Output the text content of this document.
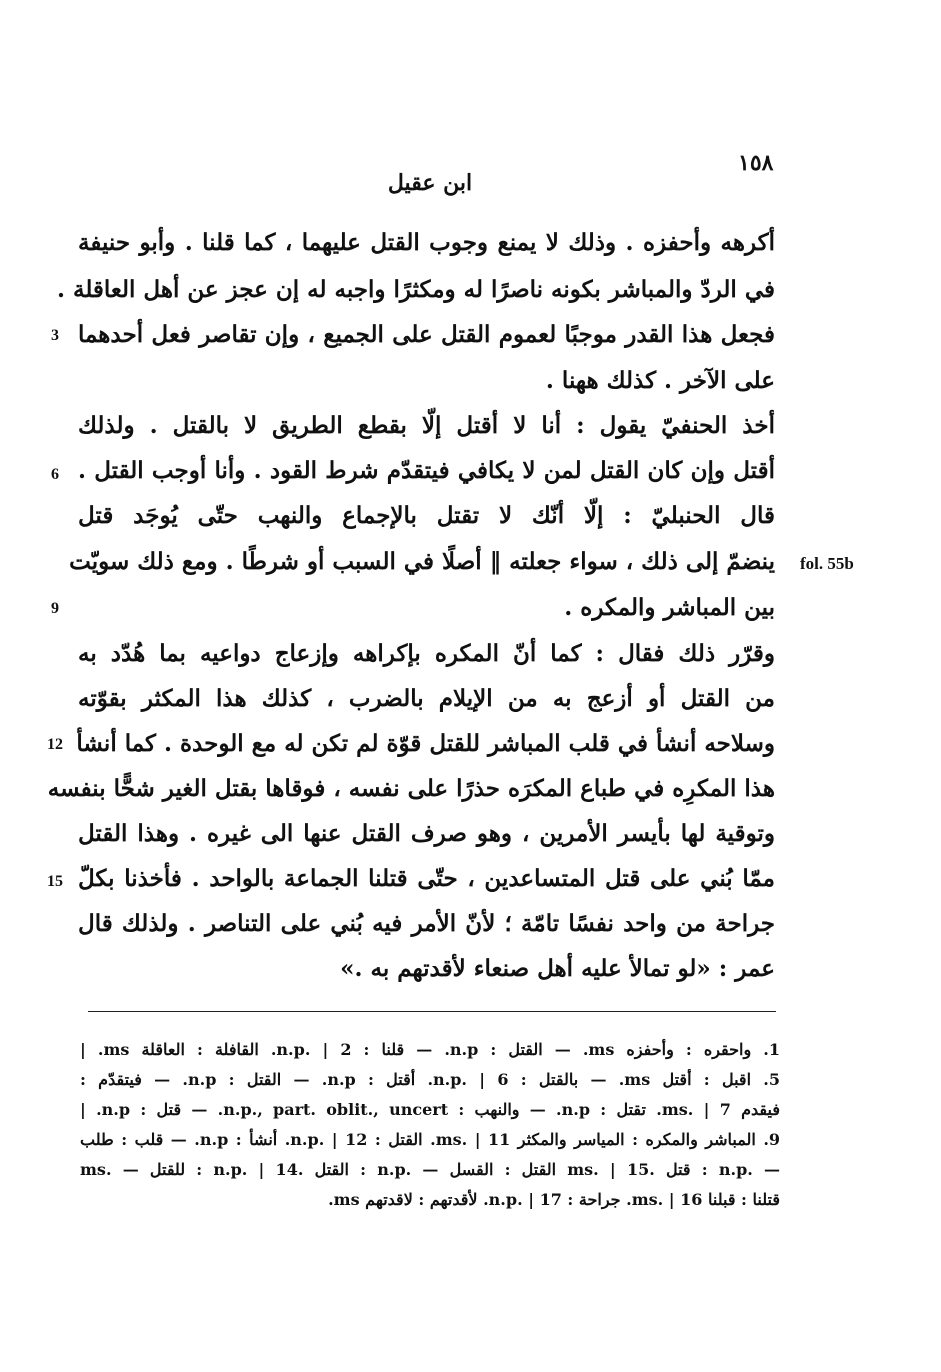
١٥٨
ابن عقيل
أكرهه وأحفزه . وذلك لا يمنع وجوب القتل عليهما ، كما قلنا . وأبو حنيفة
في الردّ والمباشر بكونه ناصرًا له ومكثرًا واجبه له إن عجز عن أهل العاقلة .
فجعل هذا القدر موجبًا لعموم القتل على الجميع ، وإن تقاصر فعل أحدهما
على الآخر . كذلك ههنا .
أخذ الحنفيّ يقول : أنا لا أقتل إلّا بقطع الطريق لا بالقتل . ولذلك
أقتل وإن كان القتل لمن لا يكافي فيتقدّم شرط القود . وأنا أوجب القتل .
قال الحنبليّ : إلّا أنّك لا تقتل بالإجماع والنهب حتّى يُوجَد قتل
ينضمّ إلى ذلك ، سواء جعلته ‖ أصلًا في السبب أو شرطًا . ومع ذلك سويّت
بين المباشر والمكره .
وقرّر ذلك فقال : كما أنّ المكره بإكراهه وإزعاج دواعيه بما هُدّد به
من القتل أو أزعج به من الإيلام بالضرب ، كذلك هذا المكثر بقوّته
وسلاحه أنشأ في قلب المباشر للقتل قوّة لم تكن له مع الوحدة . كما أنشأ
هذا المكرِه في طباع المكرَه حذرًا على نفسه ، فوقاها بقتل الغير شحًّا بنفسه
وتوقية لها بأيسر الأمرين ، وهو صرف القتل عنها الى غيره . وهذا القتل
ممّا بُني على قتل المتساعدين ، حتّى قتلنا الجماعة بالواحد . فأخذنا بكلّ
جراحة من واحد نفسًا تامّة ؛ لأنّ الأمر فيه بُني على التناصر . ولذلك قال
عمر : «لو تمالأ عليه أهل صنعاء لأقدتهم به .»
3
6
9
12
15
fol. 55b
1. واحقره : وأحفزه ms. — القتل : n.p. — قلنا : n.p. | 2. القافلة : العاقلة ms. |
5. اقبل : أقتل ms. — بالقتل : n.p. | 6. أقتل : n.p. — القتل : n.p. — فيتقدّم :
فيقدم ms. | 7. تقتل : n.p. — والنهب : n.p., part. oblit., uncert. — قتل : n.p. |
9. المباشر والمكره : المياسر والمكثر ms. | 11. القتل : n.p. | 12. أنشأ : n.p. — قلب : طلب
ms. — للقتل : n.p. | 14. القتل : n.p. — القتل : القسل ms. | 15. قتل : n.p. —
قتلنا : قبلنا ms. | 16. جراحة : n.p. | 17. لأقدتهم : لاقدتهم ms.
